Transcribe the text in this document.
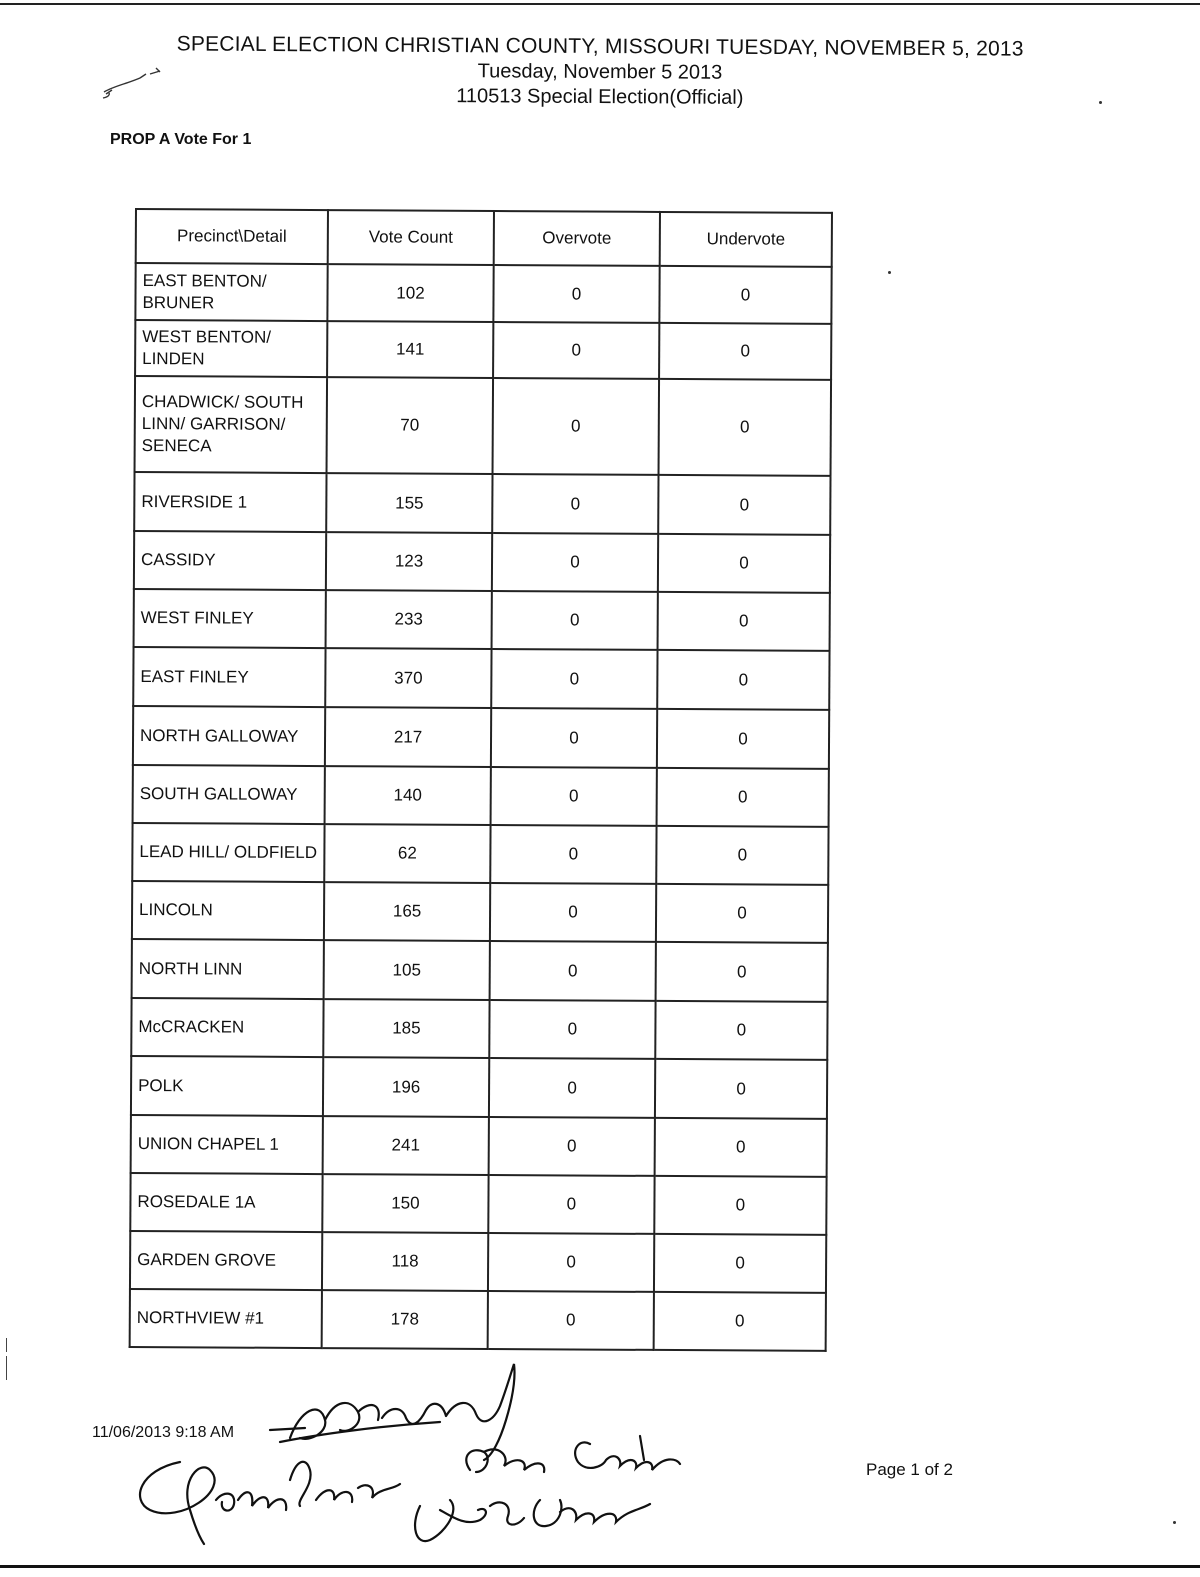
SPECIAL ELECTION CHRISTIAN COUNTY, MISSOURI TUESDAY, NOVEMBER 5, 2013
Tuesday, November 5 2013
110513 Special Election(Official)
PROP A Vote For 1
Precinct\Detail	Vote Count	Overvote	Undervote
EAST BENTON/ BRUNER	102	0	0
WEST BENTON/ LINDEN	141	0	0
CHADWICK/ SOUTH LINN/ GARRISON/ SENECA	70	0	0
RIVERSIDE 1	155	0	0
CASSIDY	123	0	0
WEST FINLEY	233	0	0
EAST FINLEY	370	0	0
NORTH GALLOWAY	217	0	0
SOUTH GALLOWAY	140	0	0
LEAD HILL/ OLDFIELD	62	0	0
LINCOLN	165	0	0
NORTH LINN	105	0	0
McCRACKEN	185	0	0
POLK	196	0	0
UNION CHAPEL 1	241	0	0
ROSEDALE 1A	150	0	0
GARDEN GROVE	118	0	0
NORTHVIEW #1	178	0	0
11/06/2013 9:18 AM
Page 1 of 2
